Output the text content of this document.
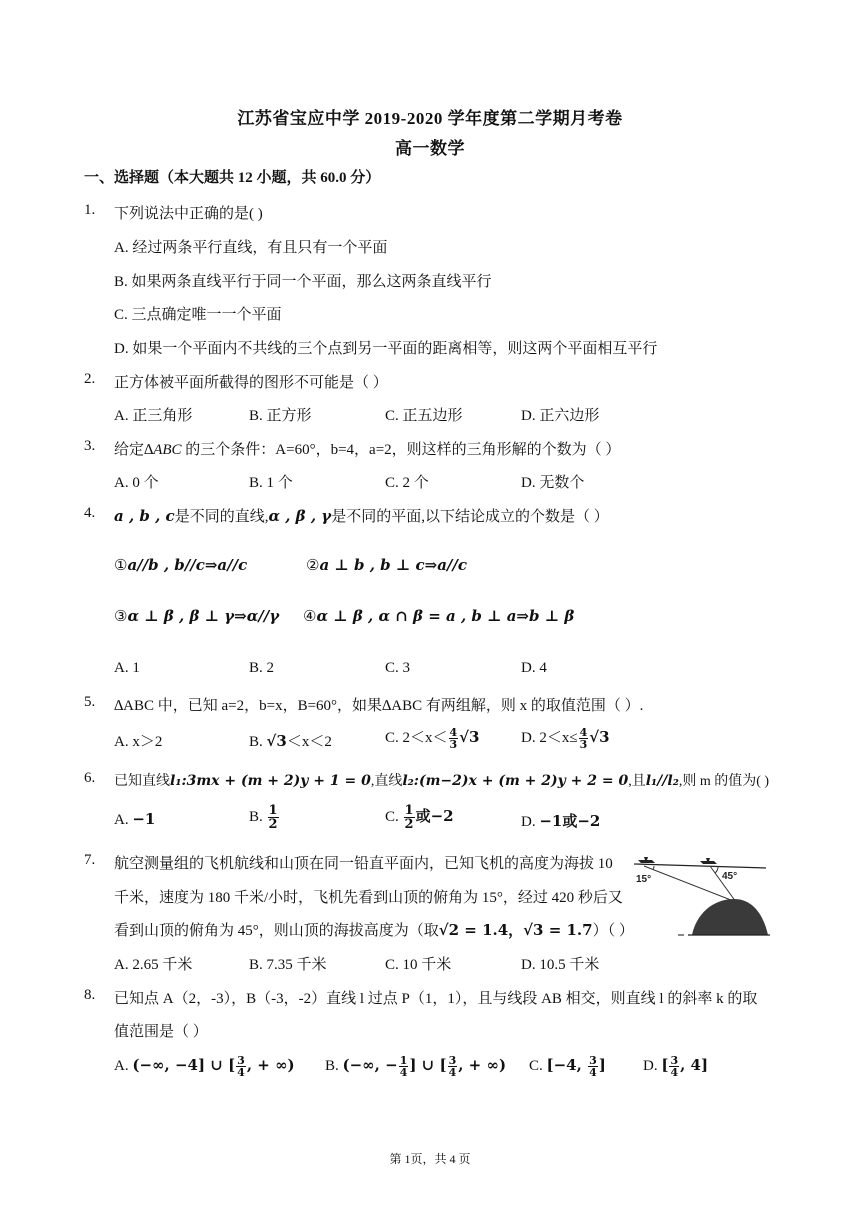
江苏省宝应中学 2019-2020 学年度第二学期月考卷
高一数学
一、选择题（本大题共 12 小题，共 60.0 分）
1. 下列说法中正确的是( )
A. 经过两条平行直线，有且只有一个平面
B. 如果两条直线平行于同一个平面，那么这两条直线平行
C. 三点确定唯一一个平面
D. 如果一个平面内不共线的三个点到另一平面的距离相等，则这两个平面相互平行
2. 正方体被平面所截得的图形不可能是（ ）
A. 正三角形	B. 正方形	C. 正五边形	D. 正六边形
3. 给定∆ABC 的三个条件：A=60°，b=4，a=2，则这样的三角形解的个数为（ ）
A. 0 个	B. 1 个	C. 2 个	D. 无数个
4. a , b , c是不同的直线,α , β , γ是不同的平面,以下结论成立的个数是（ ）
①a//b , b//c⇒a//c	②a ⊥ b , b ⊥ c⇒a//c
③α ⊥ β , β ⊥ γ⇒α//γ ④α ⊥ β , α ∩ β = a , b ⊥ a⇒b ⊥ β
A. 1	B. 2	C. 3	D. 4
5. ∆ABC 中，已知 a=2，b=x，B=60°，如果∆ABC 有两组解，则 x 的取值范围（ ）.
A. x＞2	B. √3＜x＜2	C. $2<x< \frac{4}{3} √3$	D. $2<x\le \frac{4}{3} √3$
6. 已知直线l₁:3mx + (m + 2)y + 1 = 0,直线l₂:(m−2)x + (m + 2)y + 2 = 0,且l₁//l₂,则 m 的值为( )
A. −1	B. $\frac{1}{2}$	C. $\frac{1}{2}$ 或−2	D. −1或−2
7. 航空测量组的飞机航线和山顶在同一铅直平面内，已知飞机的高度为海拔 10
千米，速度为 180 千米/小时，飞机先看到山顶的俯角为 15°，经过 420 秒后又
看到山顶的俯角为 45°，则山顶的海拔高度为（取√2 = 1.4，√3 = 1.7）（ ）
15°	45°
A. 2.65 千米	B. 7.35 千米	C. 10 千米	D. 10.5 千米
8. 已知点 A（2，-3），B（-3，-2）直线 l 过点 P（1，1），且与线段 AB 相交，则直线 l 的斜率 k 的取
值范围是（ ）
A. (−∞, −4] ∪ [ $\frac{3}{4}$ , + ∞) B. (−∞, − $\frac{1}{4}$ ] ∪ [ $\frac{3}{4}$ , + ∞) C. [−4, $\frac{3}{4}$ ] D. [ $\frac{3}{4}$ , 4]
第 1页，共 4 页
